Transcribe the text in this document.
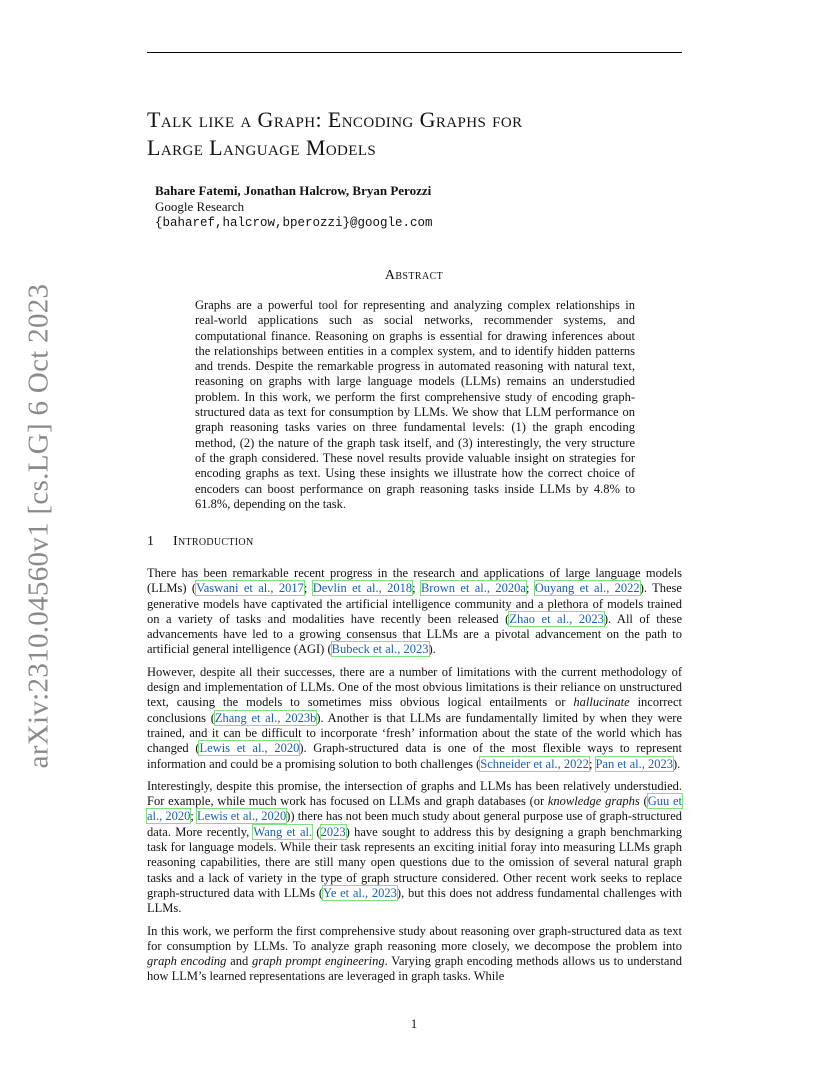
arXiv:2310.04560v1 [cs.LG] 6 Oct 2023
Talk like a Graph: Encoding Graphs for
Large Language Models
Bahare Fatemi, Jonathan Halcrow, Bryan Perozzi
Google Research
{baharef,halcrow,bperozzi}@google.com
Abstract

Graphs are a powerful tool for representing and analyzing complex relationships in real-world applications such as social networks, recommender systems, and computational finance. Reasoning on graphs is essential for drawing inferences about the relationships between entities in a complex system, and to identify hidden patterns and trends. Despite the remarkable progress in automated reasoning with natural text, reasoning on graphs with large language models (LLMs) remains an understudied problem. In this work, we perform the first comprehensive study of encoding graph-structured data as text for consumption by LLMs. We show that LLM performance on graph reasoning tasks varies on three fundamental levels: (1) the graph encoding method, (2) the nature of the graph task itself, and (3) interestingly, the very structure of the graph considered. These novel results provide valuable insight on strategies for encoding graphs as text. Using these insights we illustrate how the correct choice of encoders can boost performance on graph reasoning tasks inside LLMs by 4.8% to 61.8%, depending on the task.

1 Introduction

There has been remarkable recent progress in the research and applications of large language models (LLMs) (Vaswani et al., 2017; Devlin et al., 2018; Brown et al., 2020a; Ouyang et al., 2022). These generative models have captivated the artificial intelligence community and a plethora of models trained on a variety of tasks and modalities have recently been released (Zhao et al., 2023). All of these advancements have led to a growing consensus that LLMs are a pivotal advancement on the path to artificial general intelligence (AGI) (Bubeck et al., 2023).

However, despite all their successes, there are a number of limitations with the current methodology of design and implementation of LLMs. One of the most obvious limitations is their reliance on unstructured text, causing the models to sometimes miss obvious logical entailments or hallucinate incorrect conclusions (Zhang et al., 2023b). Another is that LLMs are fundamentally limited by when they were trained, and it can be difficult to incorporate ‘fresh’ information about the state of the world which has changed (Lewis et al., 2020). Graph-structured data is one of the most flexible ways to represent information and could be a promising solution to both challenges (Schneider et al., 2022; Pan et al., 2023).

Interestingly, despite this promise, the intersection of graphs and LLMs has been relatively understudied. For example, while much work has focused on LLMs and graph databases (or knowledge graphs (Guu et al., 2020; Lewis et al., 2020)) there has not been much study about general purpose use of graph-structured data. More recently, Wang et al. (2023) have sought to address this by designing a graph benchmarking task for language models. While their task represents an exciting initial foray into measuring LLMs graph reasoning capabilities, there are still many open questions due to the omission of several natural graph tasks and a lack of variety in the type of graph structure considered. Other recent work seeks to replace graph-structured data with LLMs (Ye et al., 2023), but this does not address fundamental challenges with LLMs.

In this work, we perform the first comprehensive study about reasoning over graph-structured data as text for consumption by LLMs. To analyze graph reasoning more closely, we decompose the problem into graph encoding and graph prompt engineering. Varying graph encoding methods allows us to understand how LLM’s learned representations are leveraged in graph tasks. While

1
